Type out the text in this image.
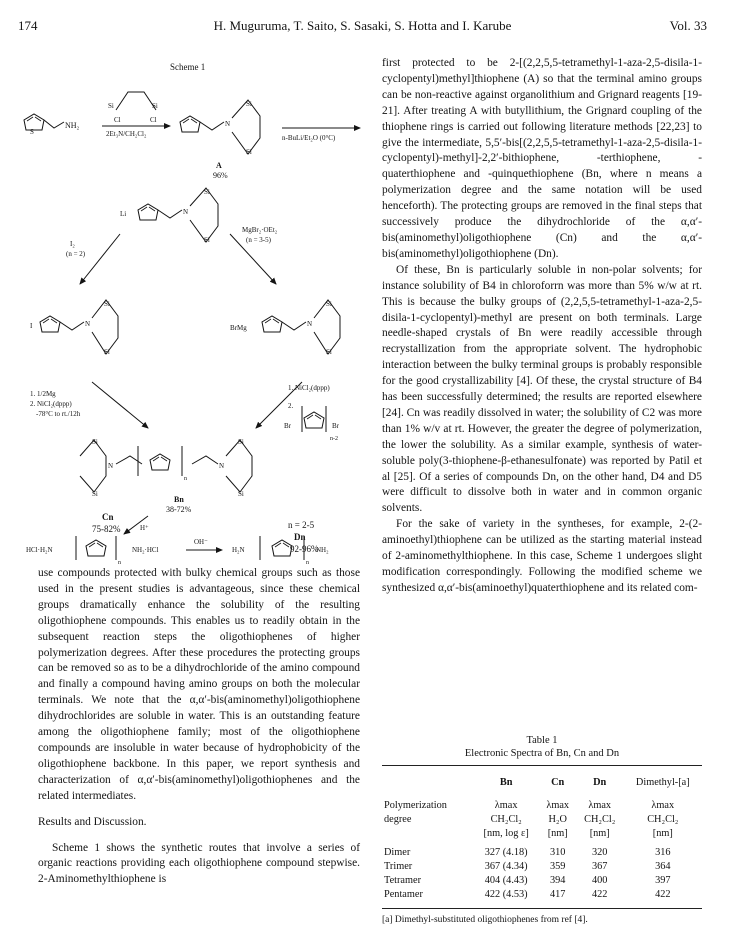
174	H. Muguruma, T. Saito, S. Sasaki, S. Hotta and I. Karube	Vol. 33
Scheme 1
S
NH₂
Si	Si
Cl	Cl
2Et₃N/CH₂Cl₂
N
Si
Si
A
96%
n-BuLi/Et₂O (0°C)
Li	N
Si
Si
I₂
(n = 2)
MgBr₂·OEt₂
(n = 3-5)
I	N
Si
Si
BrMg	N
Si
Si
1. 1/2Mg
2. NiCl₂(dppp)
-78°C to rt./12h
1. NiCl₂(dppp)
2.
Br	Br
n-2
Si
Si
N
n
N
Si
Si
Bn
38-72%
H⁺
HCl·H₂N
n
NH₂·HCl
OH⁻
H₂N
n
NH₂
Cn
75-82%	n = 2-5
Dn
92-96%

use compounds protected with bulky chemical groups such as those used in the present studies is advantageous, since these chemical groups dramatically enhance the solubility of the resulting oligothiophene compounds. This enables us to readily obtain in the subsequent reaction steps the oligothiophenes of higher polymerization degrees. After these procedures the protecting groups can be removed so as to be a dihydrochloride of the amino compound and finally a compound having amino groups on both the molecular terminals. We note that the α,α′-bis(aminomethyl)oligothiophene dihydrochlorides are soluble in water. This is an outstanding feature among the oligothiophene family; most of the oligothiophene compounds are insoluble in water because of hydrophobicity of the oligothiophene backbone. In this paper, we report synthesis and characterization of α,α′-bis(aminomethyl)oligothiophenes and the related intermediates.

Results and Discussion.

Scheme 1 shows the synthetic routes that involve a series of organic reactions providing each oligothiophene compound stepwise. 2-Aminomethylthiophene is

first protected to be 2-[(2,2,5,5-tetramethyl-1-aza-2,5-disila-1-cyclopentyl)methyl]thiophene (A) so that the terminal amino groups can be non-reactive against organolithium and Grignard reagents [19-21]. After treating A with butyllithium, the Grignard coupling of the thiophene rings is carried out following literature methods [22,23] to give the intermediate, 5,5′-bis[(2,2,5,5-tetramethyl-1-aza-2,5-disila-1-cyclopentyl)-methyl]-2,2′-bithiophene, -terthiophene, -quaterthiophene and -quinquethiophene (Bn, where n means a polymerization degree and the same notation will be used henceforth). The protecting groups are removed in the final steps that successively produce the dihydrochloride of the α,α′-bis(aminomethyl)oligothiophene (Cn) and the α,α′-bis(aminomethyl)oligothiophene (Dn).

Of these, Bn is particularly soluble in non-polar solvents; for instance solubility of B4 in chloroforrn was more than 5% w/w at rt. This is because the bulky groups of (2,2,5,5-tetramethyl-1-aza-2,5-disila-1-cyclopentyl)-methyl are present on both terminals. Large needle-shaped crystals of Bn were readily accessible through recrystallization from the appropriate solvent. The hydrophobic interaction between the bulky terminal groups is probably responsible for the good crystallizability [4]. Of these, the crystal structure of B4 has been successfully determined; the results are reported elsewhere [24]. Cn was readily dissolved in water; the solubility of C2 was more than 1% w/v at rt. However, the greater the degree of polymerization, the lower the solubility. As a similar example, synthesis of water-soluble poly(3-thiophene-β-ethanesulfonate) was reported by Patil et al [25]. Of a series of compounds Dn, on the other hand, D4 and D5 were difficult to dissolve both in water and in common organic solvents.

For the sake of variety in the syntheses, for example, 2-(2-aminoethyl)thiophene can be utilized as the starting material instead of 2-aminomethylthiophene. In this case, Scheme 1 undergoes slight modification correspondingly. Following the modified scheme we synthesized α,α′-bis(aminoethyl)quaterthiophene and its related com-

Table 1
Electronic Spectra of Bn, Cn and Dn
	Bn	Cn	Dn	Dimethyl-[a]
Polymerization	λmax	λmax	λmax	λmax
degree	CH₂Cl₂	H₂O	CH₂Cl₂	CH₂Cl₂
	[nm, log ε]	[nm]	[nm]	[nm]
Dimer	327 (4.18)	310	320	316
Trimer	367 (4.34)	359	367	364
Tetramer	404 (4.43)	394	400	397
Pentamer	422 (4.53)	417	422	422
[a] Dimethyl-substituted oligothiophenes from ref [4].
